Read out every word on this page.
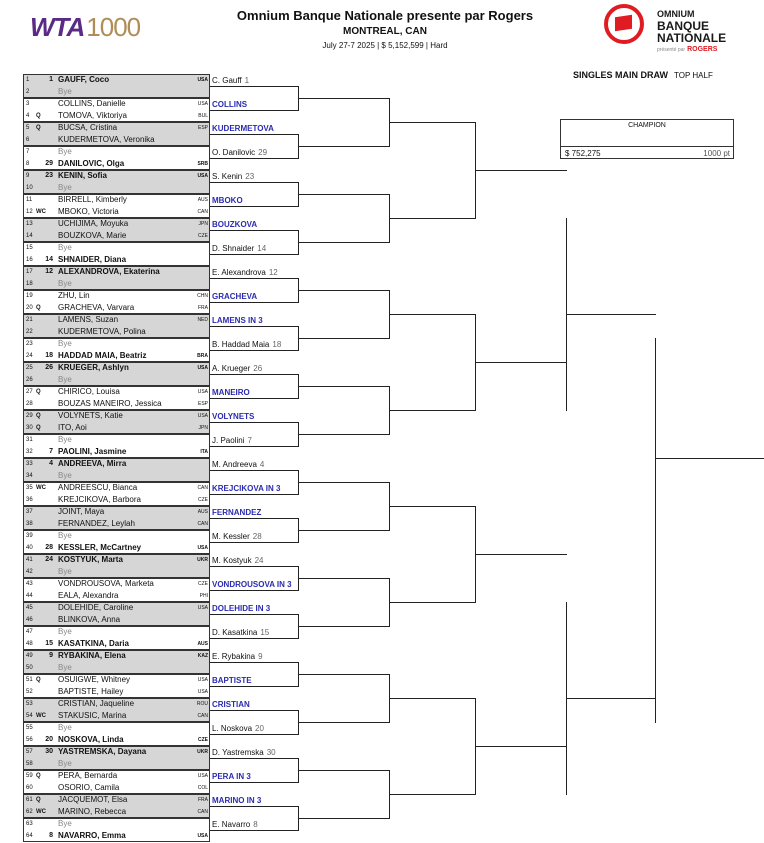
WTA1000	Omnium Banque Nationale presente par Rogers
MONTREAL, CAN
July 27-7 2025 | $ 5,152,599 | Hard
OMNIUM
BANQUE
NATIONALE
présenté par ROGERS
SINGLES MAIN DRAW TOP HALF
CHAMPION
$ 752,275	1000 pt
1	1 GAUFF, Coco	USA
2	Bye
3	COLLINS, Danielle	USA
4	Q	TOMOVA, Viktoriya	BUL
5	Q	BUCSA, Cristina	ESP
6	KUDERMETOVA, Veronika
7	Bye
8	29 DANILOVIC, Olga	SRB
9	23 KENIN, Sofia	USA
10	Bye
11	BIRRELL, Kimberly	AUS
12 WC	MBOKO, Victoria	CAN
13	UCHIJIMA, Moyuka	JPN
14	BOUZKOVA, Marie	CZE
15	Bye
16	14 SHNAIDER, Diana
17	12 ALEXANDROVA, Ekaterina
18	Bye
19	ZHU, Lin	CHN
20 Q	GRACHEVA, Varvara	FRA
21	LAMENS, Suzan	NED
22	KUDERMETOVA, Polina
23	Bye
24	18 HADDAD MAIA, Beatriz	BRA
25	26 KRUEGER, Ashlyn	USA
26	Bye
27 Q	CHIRICO, Louisa	USA
28	BOUZAS MANEIRO, Jessica	ESP
29 Q	VOLYNETS, Katie	USA
30 Q	ITO, Aoi	JPN
31	Bye
32	7 PAOLINI, Jasmine	ITA
33	4 ANDREEVA, Mirra
34	Bye
35 WC	ANDREESCU, Bianca	CAN
36	KREJCIKOVA, Barbora	CZE
37	JOINT, Maya	AUS
38	FERNANDEZ, Leylah	CAN
39	Bye
40	28 KESSLER, McCartney	USA
41	24 KOSTYUK, Marta	UKR
42	Bye
43	VONDROUSOVA, Marketa	CZE
44	EALA, Alexandra	PHI
45	DOLEHIDE, Caroline	USA
46	BLINKOVA, Anna
47	Bye
48	15 KASATKINA, Daria	AUS
49	9 RYBAKINA, Elena	KAZ
50	Bye
51 Q	OSUIGWE, Whitney	USA
52	BAPTISTE, Hailey	USA
53	CRISTIAN, Jaqueline	ROU
54 WC	STAKUSIC, Marina	CAN
55	Bye
56	20 NOSKOVA, Linda	CZE
57	30 YASTREMSKA, Dayana	UKR
58	Bye
59 Q	PERA, Bernarda	USA
60	OSORIO, Camila	COL
61 Q	JACQUEMOT, Elsa	FRA
62 WC	MARINO, Rebecca	CAN
63	Bye
64	8 NAVARRO, Emma	USA
C. Gauff 1
COLLINS
KUDERMETOVA
O. Danilovic 29
S. Kenin 23
MBOKO
BOUZKOVA
D. Shnaider 14
E. Alexandrova 12
GRACHEVA
LAMENS IN 3
B. Haddad Maia 18
A. Krueger 26
MANEIRO
VOLYNETS
J. Paolini 7
M. Andreeva 4
KREJCIKOVA IN 3
FERNANDEZ
M. Kessler 28
M. Kostyuk 24
VONDROUSOVA IN 3
DOLEHIDE IN 3
D. Kasatkina 15
E. Rybakina 9
BAPTISTE
CRISTIAN
L. Noskova 20
D. Yastremska 30
PERA IN 3
MARINO IN 3
E. Navarro 8
